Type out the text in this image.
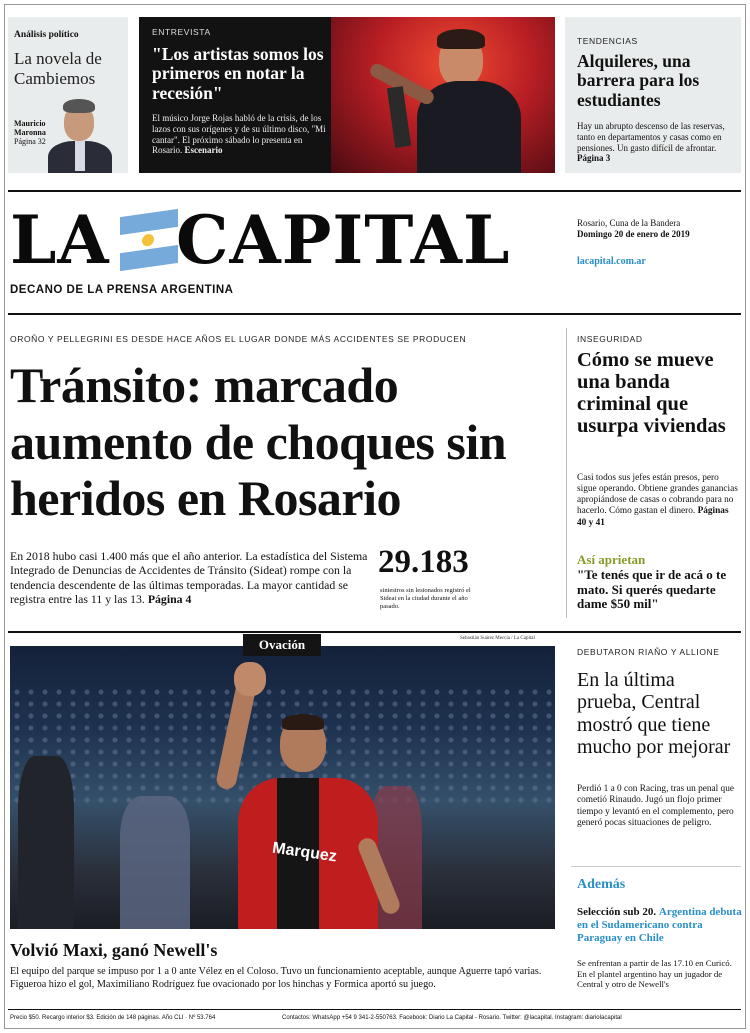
Análisis político
La novela de Cambiemos
Mauricio
Maronna
Página 32
ENTREVISTA
"Los artistas somos los primeros en notar la recesión"
El músico Jorge Rojas habló de la crisis, de los lazos con sus orígenes y de su último disco, "Mi cantar". El próximo sábado lo presenta en Rosario. Escenario
TENDENCIAS
Alquileres, una barrera para los estudiantes
Hay un abrupto descenso de las reservas, tanto en departamentos y casas como en pensiones. Un gasto difícil de afrontar. Página 3
LA CAPITAL
DECANO DE LA PRENSA ARGENTINA
Rosario, Cuna de la Bandera
Domingo 20 de enero de 2019
lacapital.com.ar
OROÑO Y PELLEGRINI ES DESDE HACE AÑOS EL LUGAR DONDE MÁS ACCIDENTES SE PRODUCEN
Tránsito: marcado aumento de choques sin heridos en Rosario
En 2018 hubo casi 1.400 más que el año anterior. La estadística del Sistema Integrado de Denuncias de Accidentes de Tránsito (Sideat) rompe con la tendencia descendente de las últimas temporadas. La mayor cantidad se registra entre las 11 y las 13. Página 4
29.183
siniestros sin lesionados registró el Sideat en la ciudad durante el año pasado.
INSEGURIDAD
Cómo se mueve una banda criminal que usurpa viviendas
Casi todos sus jefes están presos, pero sigue operando. Obtiene grandes ganancias apropiándose de casas o cobrando para no hacerlo. Cómo gastan el dinero. Páginas 40 y 41
Así aprietan
"Te tenés que ir de acá o te mato. Si querés quedarte dame $50 mil"
Sebastián Suárez Meccia / La Capital
Marquez
Ovación
Volvió Maxi, ganó Newell's
El equipo del parque se impuso por 1 a 0 ante Vélez en el Coloso. Tuvo un funcionamiento aceptable, aunque Aguerre tapó varias. Figueroa hizo el gol, Maximiliano Rodríguez fue ovacionado por los hinchas y Formica aportó su juego.
DEBUTARON RIAÑO Y ALLIONE
En la última prueba, Central mostró que tiene mucho por mejorar
Perdió 1 a 0 con Racing, tras un penal que cometió Rinaudo. Jugó un flojo primer tiempo y levantó en el complemento, pero generó pocas situaciones de peligro.
Además
Selección sub 20. Argentina debuta en el Sudamericano contra Paraguay en Chile
Se enfrentan a partir de las 17.10 en Curicó. En el plantel argentino hay un jugador de Central y otro de Newell's
Precio $50. Recargo interior $3. Edición de 148 páginas. Año CLI · Nº 53.764	Contactos: WhatsApp +54 9 341-2-550763. Facebook: Diario La Capital - Rosario. Twitter: @lacapital. Instagram: diariolacapital
